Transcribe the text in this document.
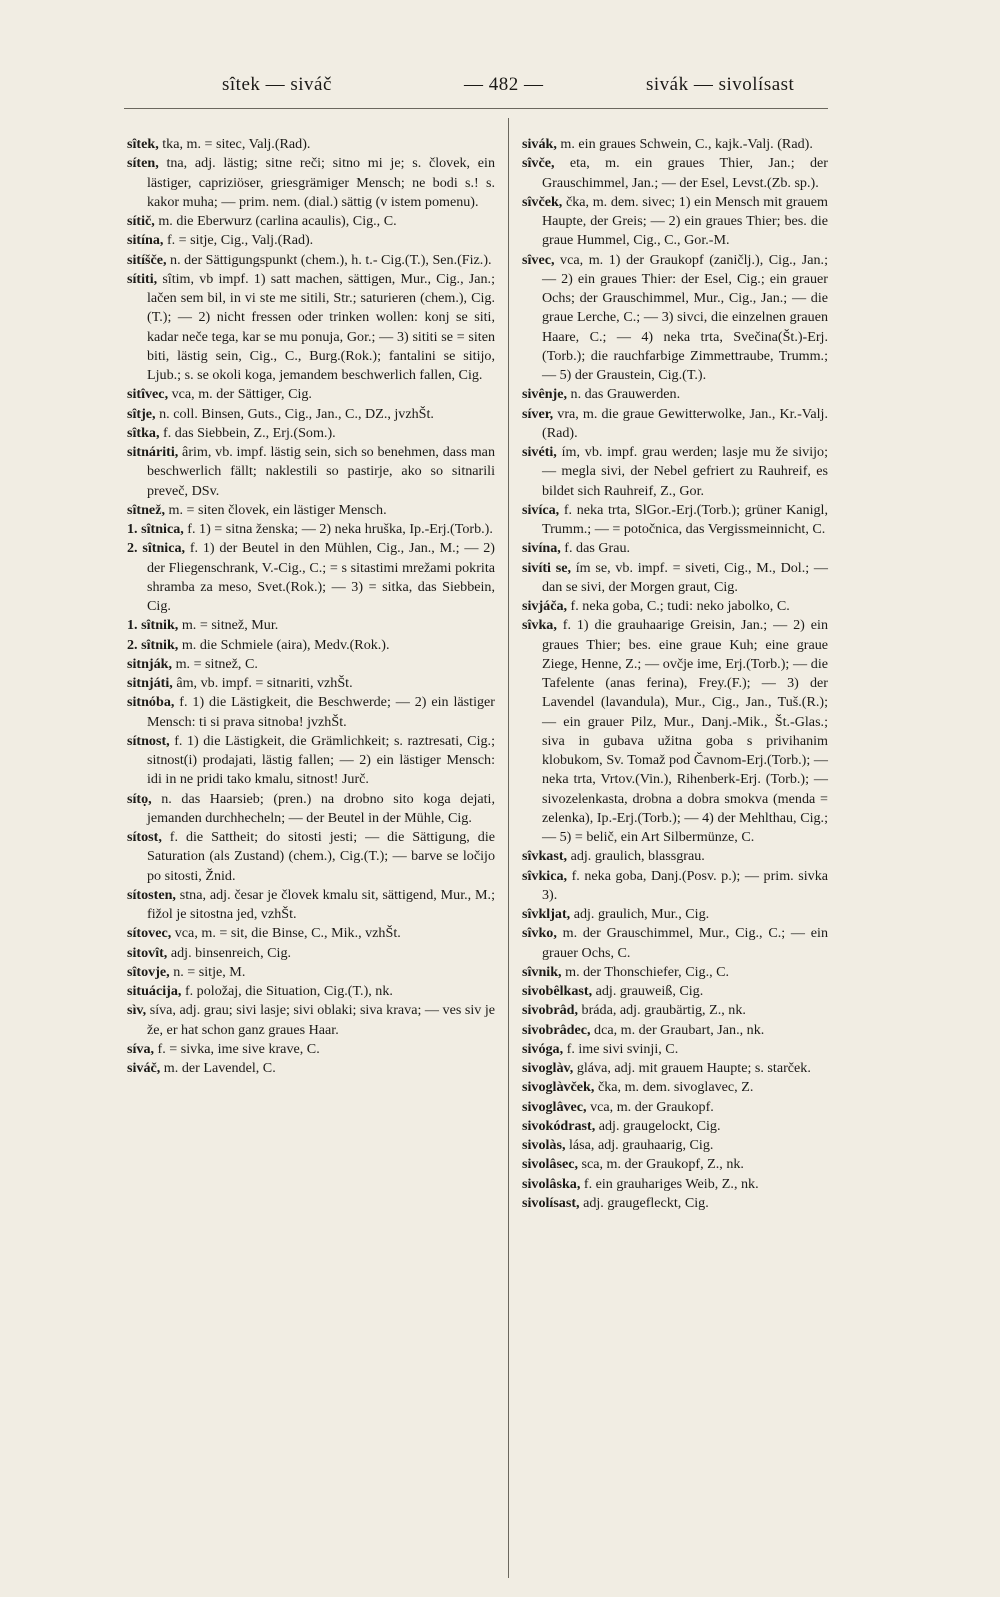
sîtek — siváč	— 482 —	sivák — sivolísast

sîtek, tka, m. = sitec, Valj.(Rad).

síten, tna, adj. lästig; sitne reči; sitno mi je; s. človek, ein lästiger, capriziöser, griesgrämiger Mensch; ne bodi s.! s. kakor muha; — prim. nem. (dial.) sättig (v istem pomenu).

sítič, m. die Eberwurz (carlina acaulis), Cig., C.

sitína, f. = sitje, Cig., Valj.(Rad).

sitíšče, n. der Sättigungspunkt (chem.), h. t.- Cig.(T.), Sen.(Fiz.).

sítiti, sîtim, vb impf. 1) satt machen, sättigen, Mur., Cig., Jan.; lačen sem bil, in vi ste me sitili, Str.; saturieren (chem.), Cig.(T.); — 2) nicht fressen oder trinken wollen: konj se siti, kadar neče tega, kar se mu ponuja, Gor.; — 3) sititi se = siten biti, lästig sein, Cig., C., Burg.(Rok.); fantalini se sitijo, Ljub.; s. se okoli koga, jemandem beschwerlich fallen, Cig.

sitîvec, vca, m. der Sättiger, Cig.

sîtje, n. coll. Binsen, Guts., Cig., Jan., C., DZ., jvzhŠt.

sîtka, f. das Siebbein, Z., Erj.(Som.).

sitnáriti, ârim, vb. impf. lästig sein, sich so benehmen, dass man beschwerlich fällt; naklestili so pastirje, ako so sitnarili preveč, DSv.

sîtnež, m. = siten človek, ein lästiger Mensch.

1. sîtnica, f. 1) = sitna ženska; — 2) neka hruška, Ip.-Erj.(Torb.).

2. sîtnica, f. 1) der Beutel in den Mühlen, Cig., Jan., M.; — 2) der Fliegenschrank, V.-Cig., C.; = s sitastimi mrežami pokrita shramba za meso, Svet.(Rok.); — 3) = sitka, das Siebbein, Cig.

1. sîtnik, m. = sitnež, Mur.

2. sîtnik, m. die Schmiele (aira), Medv.(Rok.).

sitnják, m. = sitnež, C.

sitnjáti, âm, vb. impf. = sitnariti, vzhŠt.

sitnóba, f. 1) die Lästigkeit, die Beschwerde; — 2) ein lästiger Mensch: ti si prava sitnoba! jvzhŠt.

sítnost, f. 1) die Lästigkeit, die Grämlichkeit; s. raztresati, Cig.; sitnost(i) prodajati, lästig fallen; — 2) ein lästiger Mensch: idi in ne pridi tako kmalu, sitnost! Jurč.

sítọ, n. das Haarsieb; (pren.) na drobno sito koga dejati, jemanden durchhecheln; — der Beutel in der Mühle, Cig.

sítost, f. die Sattheit; do sitosti jesti; — die Sättigung, die Saturation (als Zustand) (chem.), Cig.(T.); — barve se ločijo po sitosti, Žnid.

sítosten, stna, adj. česar je človek kmalu sit, sättigend, Mur., M.; fižol je sitostna jed, vzhŠt.

sítovec, vca, m. = sit, die Binse, C., Mik., vzhŠt.

sitovît, adj. binsenreich, Cig.

sîtovje, n. = sitje, M.

situácija, f. položaj, die Situation, Cig.(T.), nk.

sìv, síva, adj. grau; sivi lasje; sivi oblaki; siva krava; — ves siv je že, er hat schon ganz graues Haar.

síva, f. = sivka, ime sive krave, C.

siváč, m. der Lavendel, C.

sivák, m. ein graues Schwein, C., kajk.-Valj. (Rad).

sîvče, eta, m. ein graues Thier, Jan.; der Grauschimmel, Jan.; — der Esel, Levst.(Zb. sp.).

sîvček, čka, m. dem. sivec; 1) ein Mensch mit grauem Haupte, der Greis; — 2) ein graues Thier; bes. die graue Hummel, Cig., C., Gor.-M.

sîvec, vca, m. 1) der Graukopf (zaničlj.), Cig., Jan.; — 2) ein graues Thier: der Esel, Cig.; ein grauer Ochs; der Grauschimmel, Mur., Cig., Jan.; — die graue Lerche, C.; — 3) sivci, die einzelnen grauen Haare, C.; — 4) neka trta, Svečina(Št.)-Erj.(Torb.); die rauchfarbige Zimmettraube, Trumm.; — 5) der Graustein, Cig.(T.).

sivênje, n. das Grauwerden.

síver, vra, m. die graue Gewitterwolke, Jan., Kr.-Valj.(Rad).

sivéti, ím, vb. impf. grau werden; lasje mu že sivijo; — megla sivi, der Nebel gefriert zu Rauhreif, es bildet sich Rauhreif, Z., Gor.

sivíca, f. neka trta, SlGor.-Erj.(Torb.); grüner Kanigl, Trumm.; — = potočnica, das Vergissmeinnicht, C.

sivína, f. das Grau.

sivíti se, ím se, vb. impf. = siveti, Cig., M., Dol.; — dan se sivi, der Morgen graut, Cig.

sivjáča, f. neka goba, C.; tudi: neko jabolko, C.

sîvka, f. 1) die grauhaarige Greisin, Jan.; — 2) ein graues Thier; bes. eine graue Kuh; eine graue Ziege, Henne, Z.; — ovčje ime, Erj.(Torb.); — die Tafelente (anas ferina), Frey.(F.); — 3) der Lavendel (lavandula), Mur., Cig., Jan., Tuš.(R.); — ein grauer Pilz, Mur., Danj.-Mik., Št.-Glas.; siva in gubava užitna goba s privihanim klobukom, Sv. Tomaž pod Čavnom-Erj.(Torb.); — neka trta, Vrtov.(Vin.), Rihenberk-Erj. (Torb.); — sivozelenkasta, drobna a dobra smokva (menda = zelenka), Ip.-Erj.(Torb.); — 4) der Mehlthau, Cig.; — 5) = belič, ein Art Silbermünze, C.

sîvkast, adj. graulich, blassgrau.

sîvkica, f. neka goba, Danj.(Posv. p.); — prim. sivka 3).

sîvkljat, adj. graulich, Mur., Cig.

sîvko, m. der Grauschimmel, Mur., Cig., C.; — ein grauer Ochs, C.

sîvnik, m. der Thonschiefer, Cig., C.

sivobêlkast, adj. grauweiß, Cig.

sivobrâd, bráda, adj. graubärtig, Z., nk.

sivobrâdec, dca, m. der Graubart, Jan., nk.

sivóga, f. ime sivi svinji, C.

sivoglàv, gláva, adj. mit grauem Haupte; s. starček.

sivoglàvček, čka, m. dem. sivoglavec, Z.

sivoglâvec, vca, m. der Graukopf.

sivokódrast, adj. graugelockt, Cig.

sivolàs, lása, adj. grauhaarig, Cig.

sivolâsec, sca, m. der Graukopf, Z., nk.

sivolâska, f. ein grauhariges Weib, Z., nk.

sivolísast, adj. graugefleckt, Cig.
